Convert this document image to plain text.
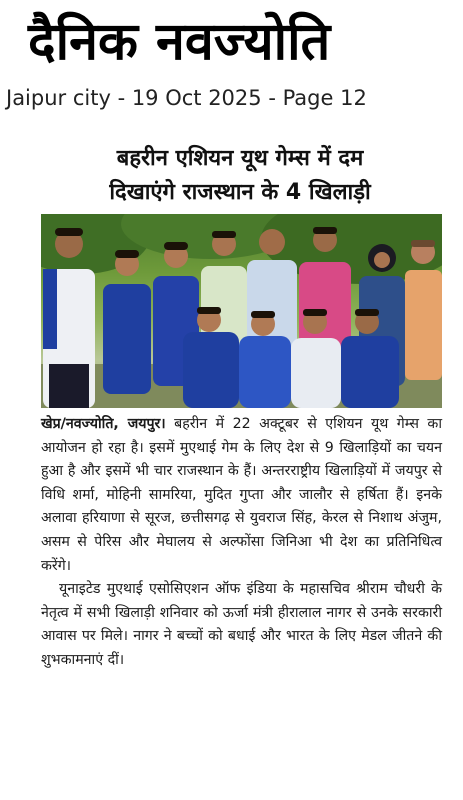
दैनिक नवज्योति
Jaipur city - 19 Oct 2025 - Page 12
बहरीन एशियन यूथ गेम्स में दम
दिखाएंगे राजस्थान के 4 खिलाड़ी

खेप्र/नवज्योति, जयपुर। बहरीन में 22 अक्टूबर से एशियन यूथ गेम्स का आयोजन हो रहा है। इसमें मुएथाई गेम के लिए देश से 9 खिलाड़ियों का चयन हुआ है और इसमें भी चार राजस्थान के हैं। अन्तरराष्ट्रीय खिलाड़ियों में जयपुर से विधि शर्मा, मोहिनी सामरिया, मुदित गुप्ता और जालौर से हर्षिता हैं। इनके अलावा हरियाणा से सूरज, छत्तीसगढ़ से युवराज सिंह, केरल से निशाथ अंजुम, असम से पेरिस और मेघालय से अल्फोंसा जिनिआ भी देश का प्रतिनिधित्व करेंगे।

यूनाइटेड मुएथाई एसोसिएशन ऑफ इंडिया के महासचिव श्रीराम चौधरी के नेतृत्व में सभी खिलाड़ी शनिवार को ऊर्जा मंत्री हीरालाल नागर से उनके सरकारी आवास पर मिले। नागर ने बच्चों को बधाई और भारत के लिए मेडल जीतने की शुभकामनाएं दीं।
